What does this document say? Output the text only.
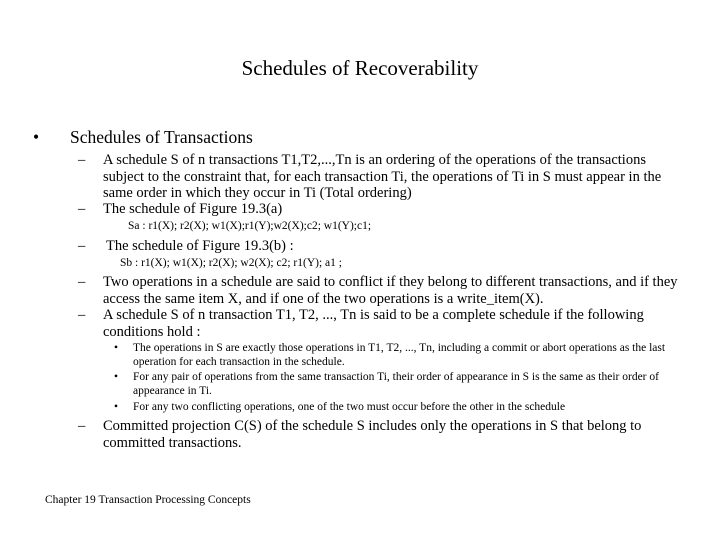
Schedules of Recoverability
• Schedules of Transactions
– A schedule S of n transactions T1,T2,...,Tn is an ordering of the operations of the transactions subject to the constraint that, for each transaction Ti, the operations of Ti in S must appear in the same order in which they occur in Ti (Total ordering)
– The schedule of Figure 19.3(a)
Sa : r1(X); r2(X); w1(X);r1(Y);w2(X);c2; w1(Y);c1;
– The schedule of Figure 19.3(b) :
Sb : r1(X); w1(X); r2(X); w2(X); c2; r1(Y); a1 ;
– Two operations in a schedule are said to conflict if they belong to different transactions, and if they access the same item X, and if one of the two operations is a write_item(X).
– A schedule S of n transaction T1, T2, ..., Tn is said to be a complete schedule if the following conditions hold :
• The operations in S are exactly those operations in T1, T2, ..., Tn, including a commit or abort operations as the last operation for each transaction in the schedule.
• For any pair of operations from the same transaction Ti, their order of appearance in S is the same as their order of appearance in Ti.
• For any two conflicting operations, one of the two must occur before the other in the schedule
– Committed projection C(S) of the schedule S includes only the operations in S that belong to committed transactions.
Chapter 19 Transaction Processing Concepts
